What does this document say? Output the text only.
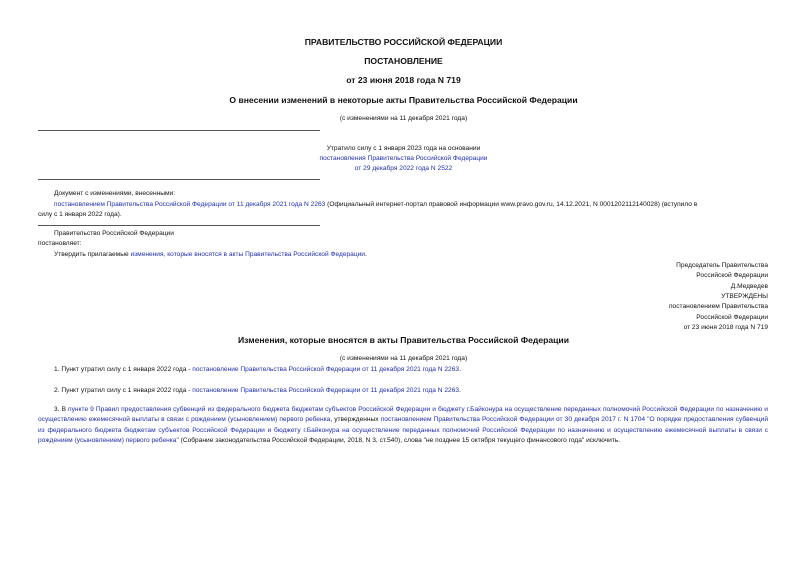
ПРАВИТЕЛЬСТВО РОССИЙСКОЙ ФЕДЕРАЦИИ
ПОСТАНОВЛЕНИЕ
от 23 июня 2018 года N 719
О внесении изменений в некоторые акты Правительства Российской Федерации
(с изменениями на 11 декабря 2021 года)
Утратило силу с 1 января 2023 года на основании
постановления Правительства Российской Федерации
от 29 декабря 2022 года N 2522
Документ с изменениями, внесенными:
постановлением Правительства Российской Федерации от 11 декабря 2021 года N 2263 (Официальный интернет-портал правовой информации www.pravo.gov.ru, 14.12.2021, N 0001202112140028) (вступило в
силу с 1 января 2022 года).
Правительство Российской Федерации
постановляет:
Утвердить прилагаемые изменения, которые вносятся в акты Правительства Российской Федерации.
Председатель Правительства
Российской Федерации
Д.Медведев
УТВЕРЖДЕНЫ
постановлением Правительства
Российской Федерации
от 23 июня 2018 года N 719
Изменения, которые вносятся в акты Правительства Российской Федерации
(с изменениями на 11 декабря 2021 года)
1. Пункт утратил силу с 1 января 2022 года - постановление Правительства Российской Федерации от 11 декабря 2021 года N 2263.
2. Пункт утратил силу с 1 января 2022 года - постановление Правительства Российской Федерации от 11 декабря 2021 года N 2263.
3. В пункте 9 Правил предоставления субвенций из федерального бюджета бюджетам субъектов Российской Федерации и бюджету г.Байконура на осуществление переданных полномочий Российской Федерации по назначению и осуществлению ежемесячной выплаты в связи с рождением (усыновлением) первого ребенка, утвержденных постановлением Правительства Российской Федерации от 30 декабря 2017 г. N 1704 "О порядке предоставления субвенций из федерального бюджета бюджетам субъектов Российской Федерации и бюджету г.Байконура на осуществление переданных полномочий Российской Федерации по назначению и осуществлению ежемесячной выплаты в связи с рождением (усыновлением) первого ребенка" (Собрание законодательства Российской Федерации, 2018, N 3, ст.540), слова "не позднее 15 октября текущего финансового года" исключить.
